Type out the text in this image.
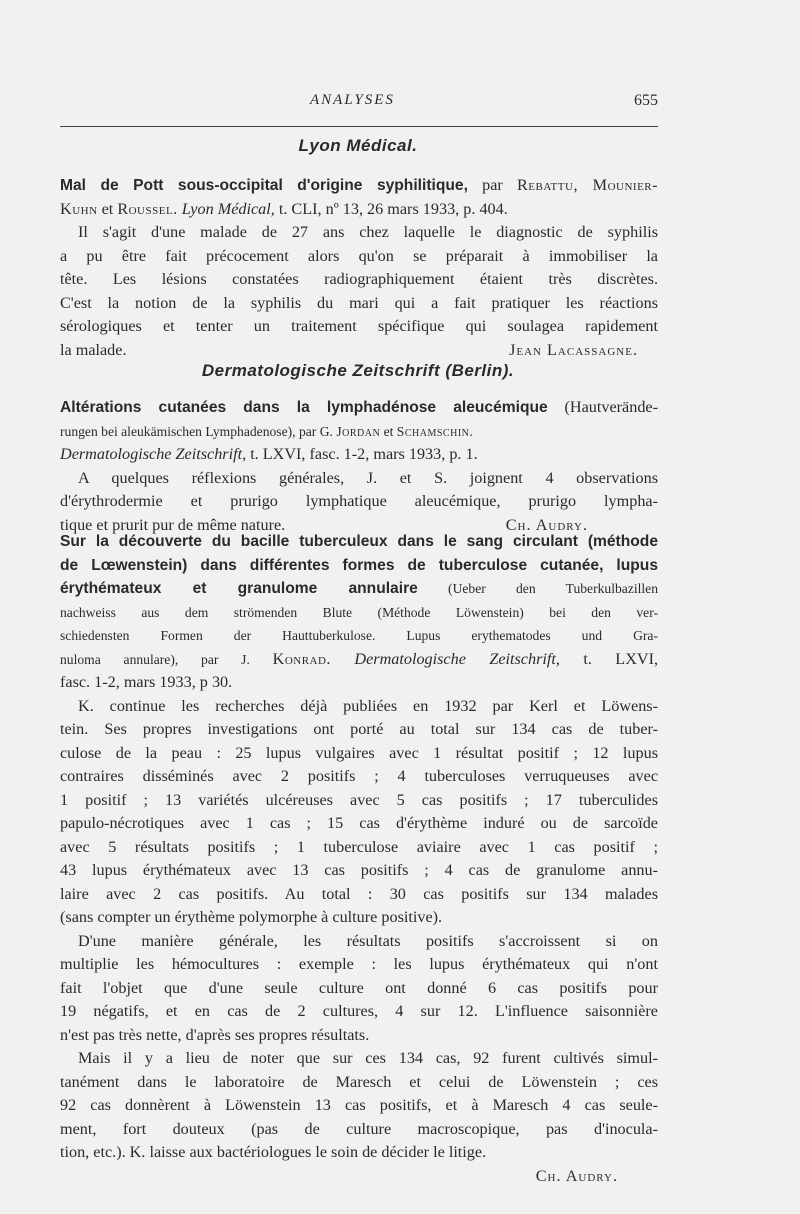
ANALYSES	655
Lyon Médical.
Mal de Pott sous-occipital d'origine syphilitique, par Rebattu, Mounier-
Kuhn et Roussel. Lyon Médical, t. CLI, nº 13, 26 mars 1933, p. 404.
Il s'agit d'une malade de 27 ans chez laquelle le diagnostic de syphilis
a pu être fait précocement alors qu'on se préparait à immobiliser la
tête. Les lésions constatées radiographiquement étaient très discrètes.
C'est la notion de la syphilis du mari qui a fait pratiquer les réactions
sérologiques et tenter un traitement spécifique qui soulagea rapidement
la malade.	Jean Lacassagne.
Dermatologische Zeitschrift (Berlin).
Altérations cutanées dans la lymphadénose aleucémique (Hautverände-
rungen bei aleukämischen Lymphadenose), par G. Jordan et Schamschin.
Dermatologische Zeitschrift, t. LXVI, fasc. 1-2, mars 1933, p. 1.
A quelques réflexions générales, J. et S. joignent 4 observations
d'érythrodermie et prurigo lymphatique aleucémique, prurigo lympha-
tique et prurit pur de même nature.	Ch. Audry.
Sur la découverte du bacille tuberculeux dans le sang circulant (méthode
de Lœwenstein) dans différentes formes de tuberculose cutanée, lupus
érythémateux et granulome annulaire (Ueber den Tuberkulbazillen
nachweiss aus dem strömenden Blute (Méthode Löwenstein) bei den ver-
schiedensten Formen der Hauttuberkulose. Lupus erythematodes und Gra-
nuloma annulare), par J. Konrad. Dermatologische Zeitschrift, t. LXVI,
fasc. 1-2, mars 1933, p 30.
K. continue les recherches déjà publiées en 1932 par Kerl et Löwens-
tein. Ses propres investigations ont porté au total sur 134 cas de tuber-
culose de la peau : 25 lupus vulgaires avec 1 résultat positif ; 12 lupus
contraires disséminés avec 2 positifs ; 4 tuberculoses verruqueuses avec
1 positif ; 13 variétés ulcéreuses avec 5 cas positifs ; 17 tuberculides
papulo-nécrotiques avec 1 cas ; 15 cas d'érythème induré ou de sarcoïde
avec 5 résultats positifs ; 1 tuberculose aviaire avec 1 cas positif ;
43 lupus érythémateux avec 13 cas positifs ; 4 cas de granulome annu-
laire avec 2 cas positifs. Au total : 30 cas positifs sur 134 malades
(sans compter un érythème polymorphe à culture positive).
D'une manière générale, les résultats positifs s'accroissent si on
multiplie les hémocultures : exemple : les lupus érythémateux qui n'ont
fait l'objet que d'une seule culture ont donné 6 cas positifs pour
19 négatifs, et en cas de 2 cultures, 4 sur 12. L'influence saisonnière
n'est pas très nette, d'après ses propres résultats.
Mais il y a lieu de noter que sur ces 134 cas, 92 furent cultivés simul-
tanément dans le laboratoire de Maresch et celui de Löwenstein ; ces
92 cas donnèrent à Löwenstein 13 cas positifs, et à Maresch 4 cas seule-
ment, fort douteux (pas de culture macroscopique, pas d'inocula-
tion, etc.). K. laisse aux bactériologues le soin de décider le litige.
Ch. Audry.
